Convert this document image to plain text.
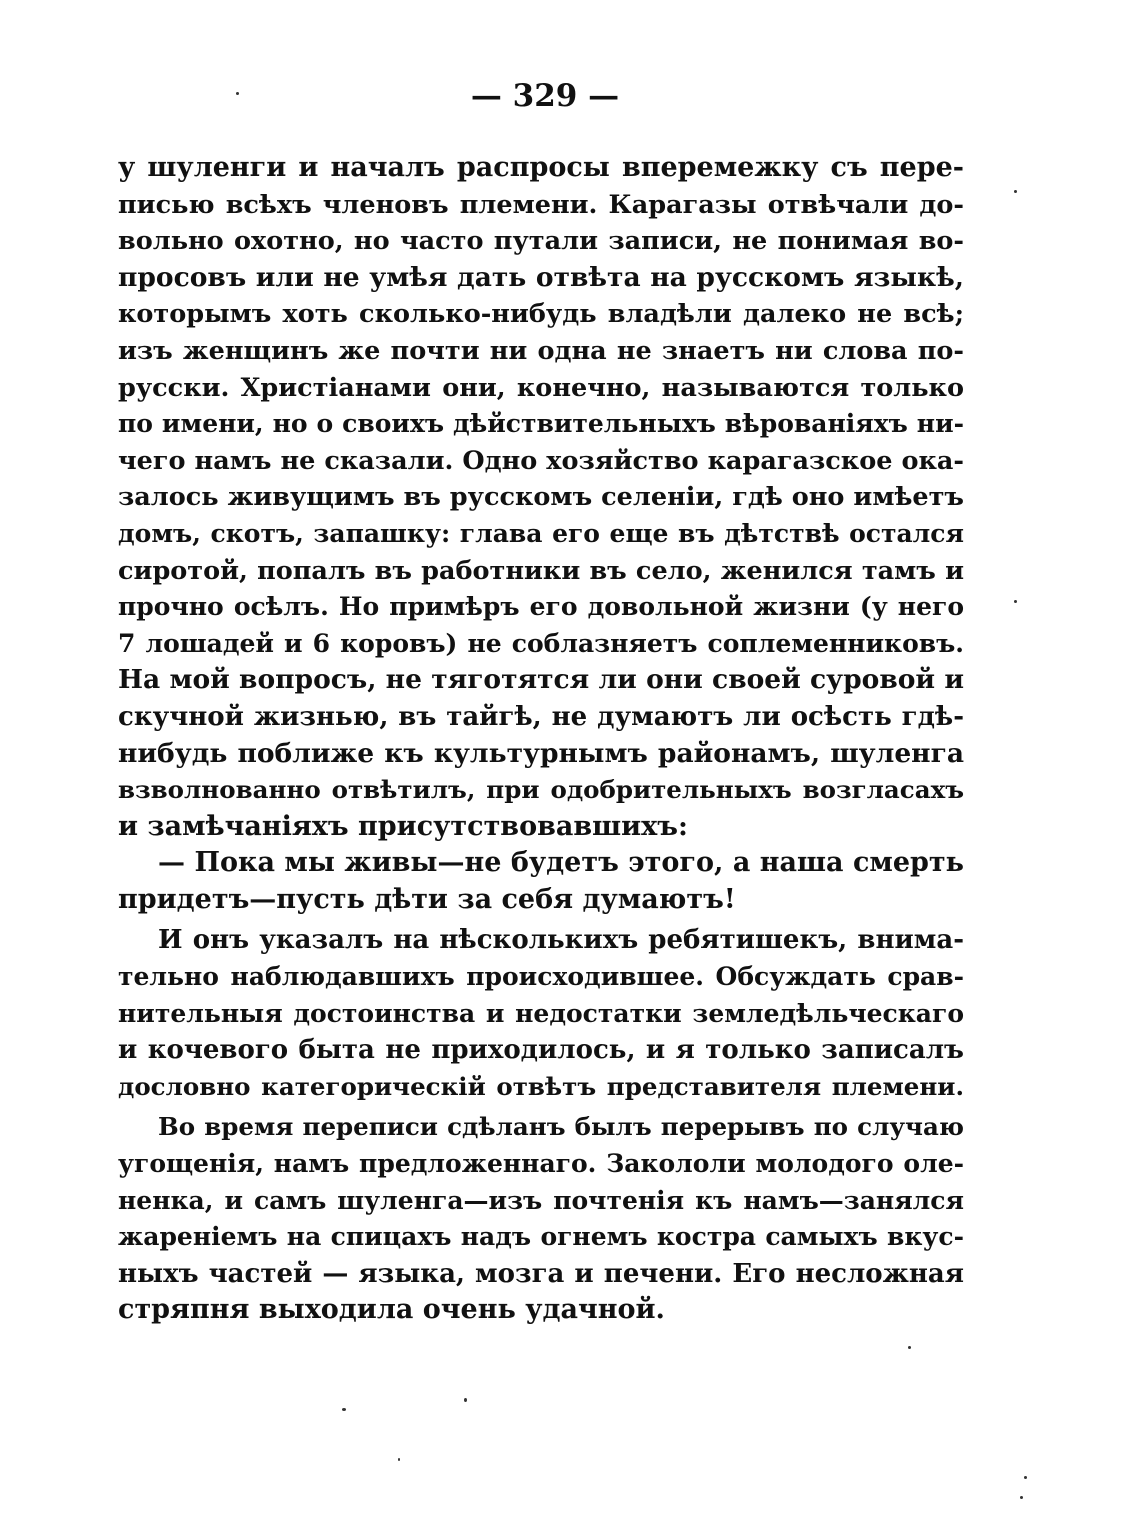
— 329 —
у шуленги и началъ распросы вперемежку съ пере-
писью всѣхъ членовъ племени. Карагазы отвѣчали до-
вольно охотно, но часто путали записи, не понимая во-
просовъ или не умѣя дать отвѣта на русскомъ языкѣ,
которымъ хоть сколько-нибудь владѣли далеко не всѣ;
изъ женщинъ же почти ни одна не знаетъ ни слова по-
русски. Христіанами они, конечно, называются только
по имени, но о своихъ дѣйствительныхъ вѣрованіяхъ ни-
чего намъ не сказали. Одно хозяйство карагазское ока-
залось живущимъ въ русскомъ селеніи, гдѣ оно имѣетъ
домъ, скотъ, запашку: глава его еще въ дѣтствѣ остался
сиротой, попалъ въ работники въ село, женился тамъ и
прочно осѣлъ. Но примѣръ его довольной жизни (у него
7 лошадей и 6 коровъ) не соблазняетъ соплеменниковъ.
На мой вопросъ, не тяготятся ли они своей суровой и
скучной жизнью, въ тайгѣ, не думаютъ ли осѣсть гдѣ-
нибудь поближе къ культурнымъ районамъ, шуленга
взволнованно отвѣтилъ, при одобрительныхъ возгласахъ
и замѣчаніяхъ присутствовавшихъ:
— Пока мы живы—не будетъ этого, а наша смерть
придетъ—пусть дѣти за себя думаютъ!
И онъ указалъ на нѣсколькихъ ребятишекъ, внима-
тельно наблюдавшихъ происходившее. Обсуждать срав-
нительныя достоинства и недостатки земледѣльческаго
и кочевого быта не приходилось, и я только записалъ
дословно категорическій отвѣтъ представителя племени.
Во время переписи сдѣланъ былъ перерывъ по случаю
угощенія, намъ предложеннаго. Закололи молодого оле-
ненка, и самъ шуленга—изъ почтенія къ намъ—занялся
жареніемъ на спицахъ надъ огнемъ костра самыхъ вкус-
ныхъ частей — языка, мозга и печени. Его несложная
стряпня выходила очень удачной.
